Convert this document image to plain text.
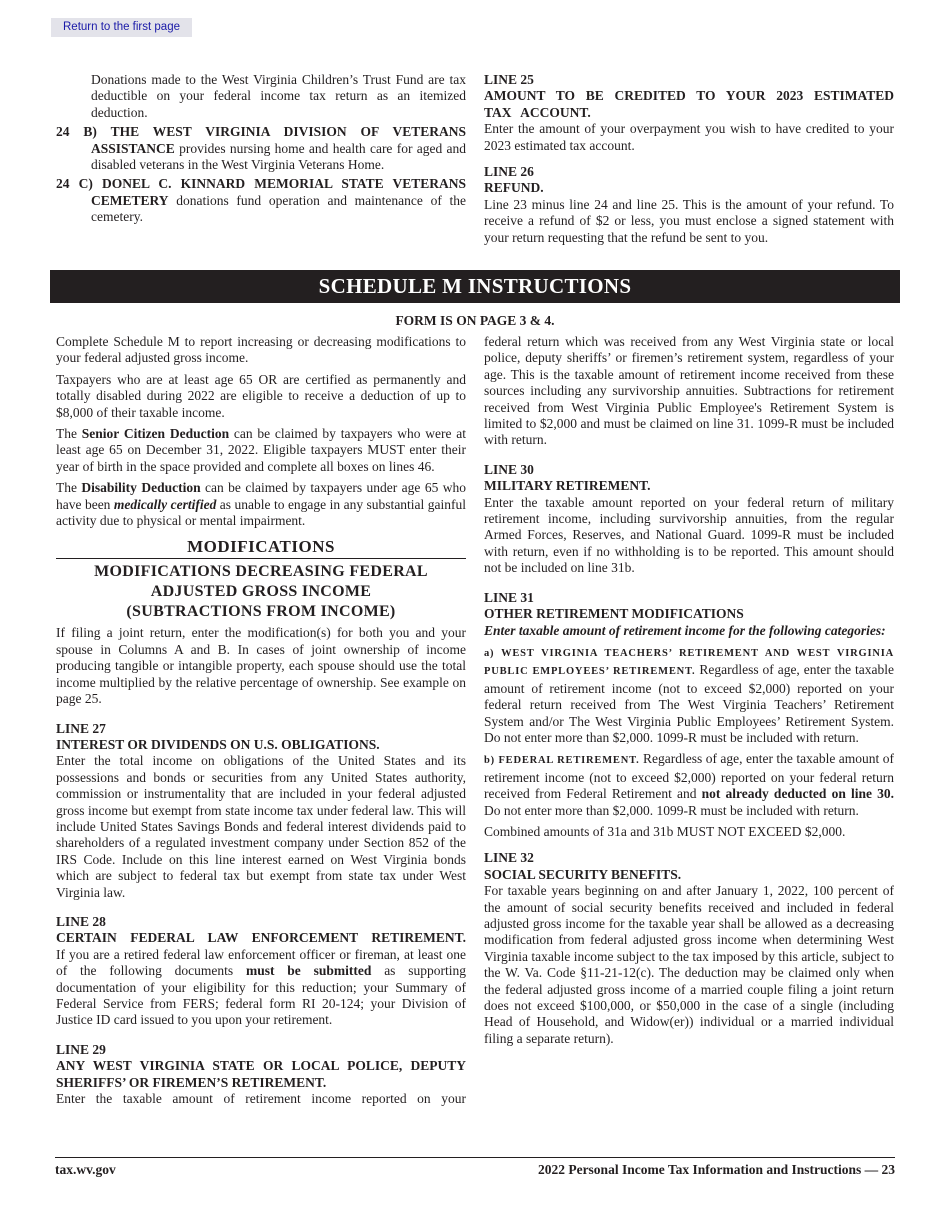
Return to the first page

Donations made to the West Virginia Children’s Trust Fund are tax deductible on your federal income tax return as an itemized deduction.

24 B) THE WEST VIRGINIA DIVISION OF VETERANS ASSISTANCE provides nursing home and health care for aged and disabled veterans in the West Virginia Veterans Home.

24 C) DONEL C. KINNARD MEMORIAL STATE VETERANS CEMETERY donations fund operation and maintenance of the cemetery.

LINE 25

AMOUNT TO BE CREDITED TO YOUR 2023 ESTIMATED TAX ACCOUNT.

Enter the amount of your overpayment you wish to have credited to your 2023 estimated tax account.

LINE 26

REFUND.

Line 23 minus line 24 and line 25. This is the amount of your refund. To receive a refund of $2 or less, you must enclose a signed statement with your return requesting that the refund be sent to you.

SCHEDULE M INSTRUCTIONS
FORM IS ON PAGE 3 & 4.

Complete Schedule M to report increasing or decreasing modifications to your federal adjusted gross income.

Taxpayers who are at least age 65 OR are certified as permanently and totally disabled during 2022 are eligible to receive a deduction of up to $8,000 of their taxable income.

The Senior Citizen Deduction can be claimed by taxpayers who were at least age 65 on December 31, 2022. Eligible taxpayers MUST enter their year of birth in the space provided and complete all boxes on lines 46.

The Disability Deduction can be claimed by taxpayers under age 65 who have been medically certified as unable to engage in any substantial gainful activity due to physical or mental impairment.

MODIFICATIONS
MODIFICATIONS DECREASING FEDERAL
ADJUSTED GROSS INCOME
(SUBTRACTIONS FROM INCOME)

If filing a joint return, enter the modification(s) for both you and your spouse in Columns A and B. In cases of joint ownership of income producing tangible or intangible property, each spouse should use the total income multiplied by the relative percentage of ownership. See example on page 25.

LINE 27

INTEREST OR DIVIDENDS ON U.S. OBLIGATIONS.

Enter the total income on obligations of the United States and its possessions and bonds or securities from any United States authority, commission or instrumentality that are included in your federal adjusted gross income but exempt from state income tax under federal law. This will include United States Savings Bonds and federal interest dividends paid to shareholders of a regulated investment company under Section 852 of the IRS Code. Include on this line interest earned on West Virginia bonds which are subject to federal tax but exempt from state tax under West Virginia law.

LINE 28

CERTAIN FEDERAL LAW ENFORCEMENT RETIREMENT.

If you are a retired federal law enforcement officer or fireman, at least one of the following documents must be submitted as supporting documentation of your eligibility for this reduction; your Summary of Federal Service from FERS; federal form RI 20-124; your Division of Justice ID card issued to you upon your retirement.

LINE 29

ANY WEST VIRGINIA STATE OR LOCAL POLICE, DEPUTY SHERIFFS’ OR FIREMEN’S RETIREMENT.

Enter the taxable amount of retirement income reported on your

federal return which was received from any West Virginia state or local police, deputy sheriffs’ or firemen’s retirement system, regardless of your age. This is the taxable amount of retirement income received from these sources including any survivorship annuities. Subtractions for retirement received from West Virginia Public Employee's Retirement System is limited to $2,000 and must be claimed on line 31. 1099-R must be included with return.

LINE 30

MILITARY RETIREMENT.

Enter the taxable amount reported on your federal return of military retirement income, including survivorship annuities, from the regular Armed Forces, Reserves, and National Guard. 1099-R must be included with return, even if no withholding is to be reported. This amount should not be included on line 31b.

LINE 31

OTHER RETIREMENT MODIFICATIONS

Enter taxable amount of retirement income for the following categories:

a) WEST VIRGINIA TEACHERS’ RETIREMENT AND WEST VIRGINIA PUBLIC EMPLOYEES’ RETIREMENT. Regardless of age, enter the taxable amount of retirement income (not to exceed $2,000) reported on your federal return received from The West Virginia Teachers’ Retirement System and/or The West Virginia Public Employees’ Retirement System. Do not enter more than $2,000. 1099-R must be included with return.

b) FEDERAL RETIREMENT. Regardless of age, enter the taxable amount of retirement income (not to exceed $2,000) reported on your federal return received from Federal Retirement and not already deducted on line 30. Do not enter more than $2,000. 1099-R must be included with return.

Combined amounts of 31a and 31b MUST NOT EXCEED $2,000.

LINE 32

SOCIAL SECURITY BENEFITS.

For taxable years beginning on and after January 1, 2022, 100 percent of the amount of social security benefits received and included in federal adjusted gross income for the taxable year shall be allowed as a decreasing modification from federal adjusted gross income when determining West Virginia taxable income subject to the tax imposed by this article, subject to the W. Va. Code §11-21-12(c). The deduction may be claimed only when the federal adjusted gross income of a married couple filing a joint return does not exceed $100,000, or $50,000 in the case of a single (including Head of Household, and Widow(er)) individual or a married individual filing a separate return).

tax.wv.gov	2022 Personal Income Tax Information and Instructions — 23
